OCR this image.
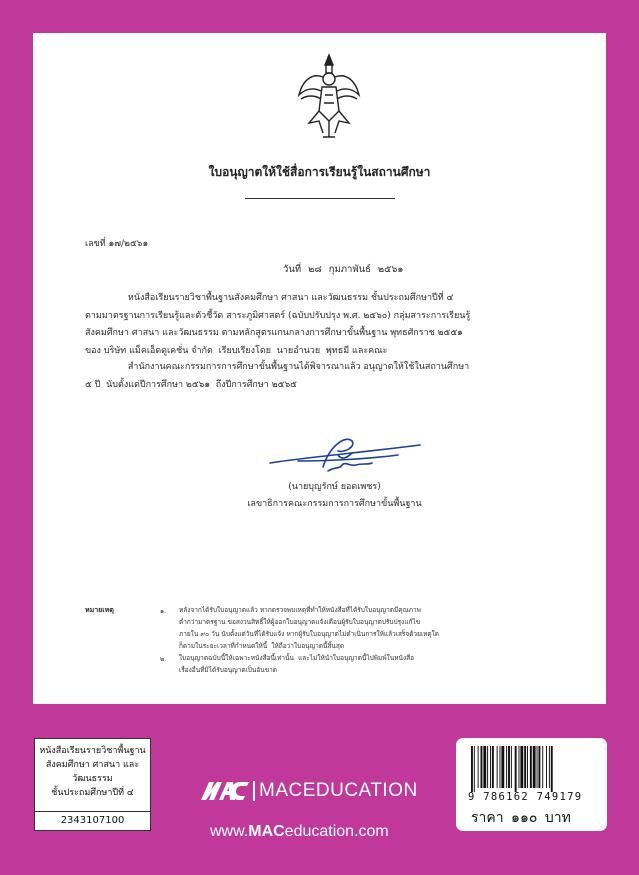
ใบอนุญาตให้ใช้สื่อการเรียนรู้ในสถานศึกษา
เลขที่ ๑๗/๒๕๖๑
วันที่ ๒๘ กุมภาพันธ์ ๒๕๖๑
หนังสือเรียนรายวิชาพื้นฐานสังคมศึกษา ศาสนา และวัฒนธรรม ชั้นประถมศึกษาปีที่ ๔
ตามมาตรฐานการเรียนรู้และตัวชี้วัด สาระภูมิศาสตร์ (ฉบับปรับปรุง พ.ศ. ๒๕๖๐) กลุ่มสาระการเรียนรู้
สังคมศึกษา ศาสนา และวัฒนธรรม ตามหลักสูตรแกนกลางการศึกษาขั้นพื้นฐาน พุทธศักราช ๒๕๕๑
ของ บริษัท แม็คเอ็ดดูเคชั่น จำกัด  เรียบเรียงโดย  นายอำนวย  พุทธมี และคณะ
สำนักงานคณะกรรมการการศึกษาขั้นพื้นฐานได้พิจารณาแล้ว อนุญาตให้ใช้ในสถานศึกษา
๕ ปี  นับตั้งแต่ปีการศึกษา ๒๕๖๑  ถึงปีการศึกษา ๒๕๖๕
(นายบุญรักษ์ ยอดเพชร)
เลขาธิการคณะกรรมการการศึกษาขั้นพื้นฐาน
หมายเหตุ	๑. หลังจากได้รับใบอนุญาตแล้ว หากตรวจพบเหตุที่ทำให้หนังสือที่ได้รับใบอนุญาตมีคุณภาพ
ต่ำกว่ามาตรฐาน ขอสงวนสิทธิ์ให้ผู้ออกใบอนุญาตแจ้งเตือนผู้รับใบอนุญาตปรับปรุงแก้ไข
ภายใน ๙๐ วัน นับตั้งแต่วันที่ได้รับแจ้ง หากผู้รับใบอนุญาตไม่ดำเนินการให้แล้วเสร็จด้วยเหตุใด
ก็ตามในระยะเวลาที่กำหนดให้นี้  ให้ถือว่าใบอนุญาตนี้สิ้นสุด
๒. ใบอนุญาตฉบับนี้ให้เฉพาะหนังสือนี้เท่านั้น  และไม่ให้นำใบอนุญาตนี้ไปพิมพ์ในหนังสือ
เรื่องอื่นที่มิได้รับอนุญาตเป็นอันขาด
หนังสือเรียนรายวิชาพื้นฐาน
สังคมศึกษา ศาสนา และวัฒนธรรม
ชั้นประถมศึกษาปีที่ ๔
2343107100
MACEDUCATION
www.MACeducation.com
9 786162 749179
ราคา ๑๑๐ บาท
